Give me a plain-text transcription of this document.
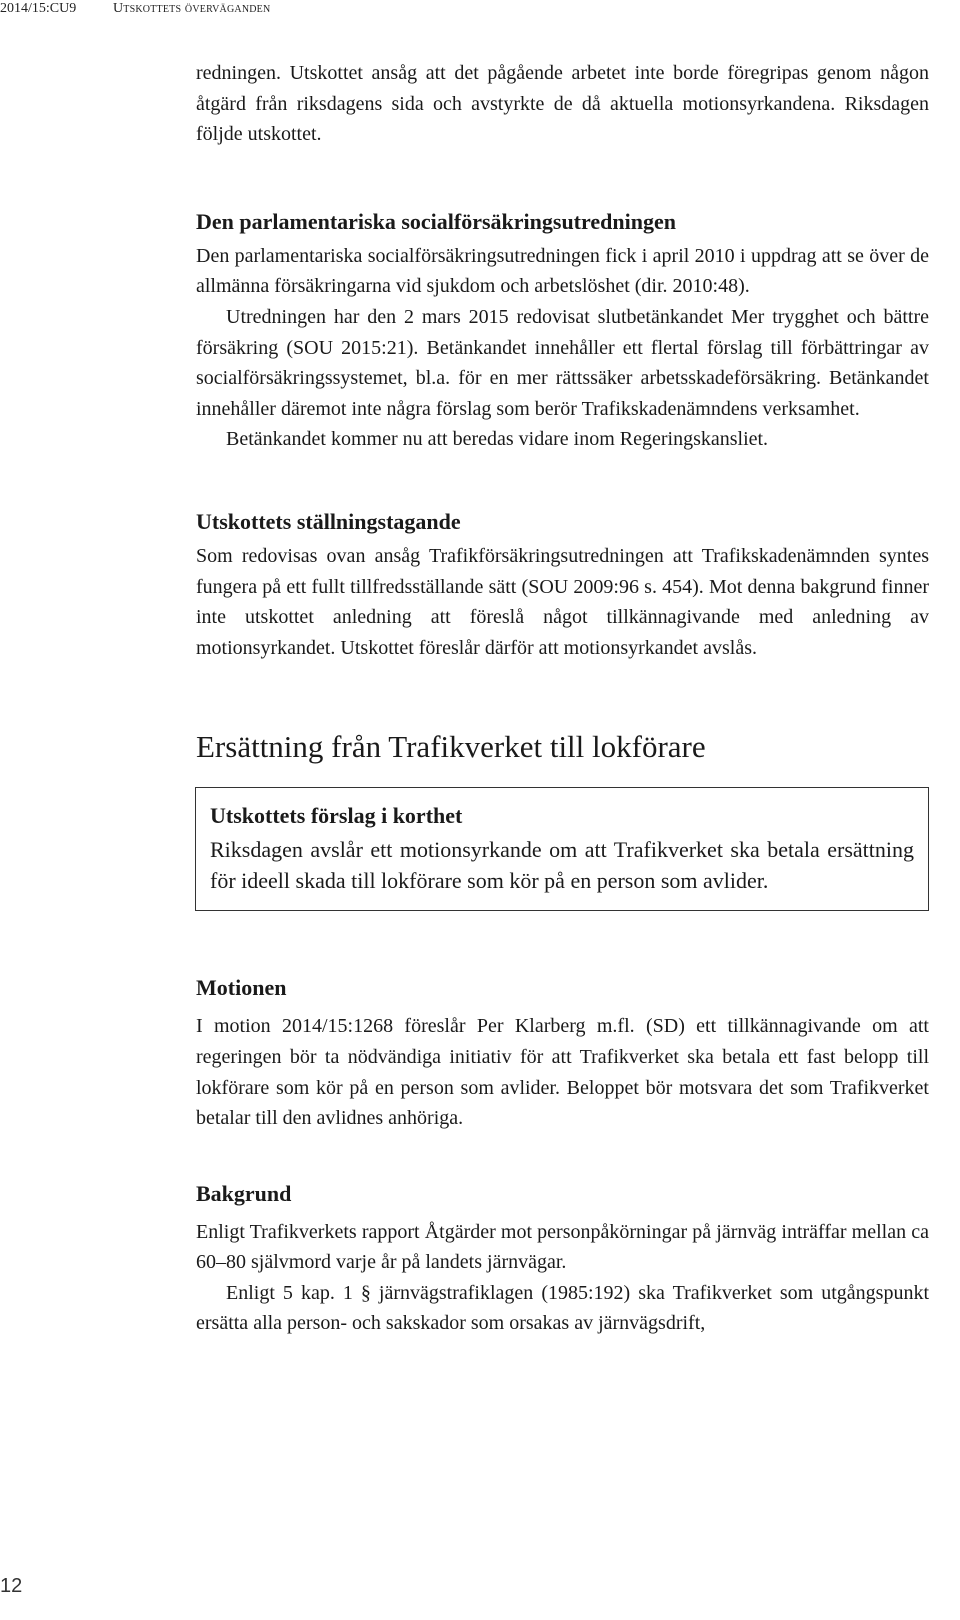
2014/15:CU9	Utskottets överväganden

redningen. Utskottet ansåg att det pågående arbetet inte borde föregripas genom någon åtgärd från riksdagens sida och avstyrkte de då aktuella motionsyrkandena. Riksdagen följde utskottet.

Den parlamentariska socialförsäkringsutredningen

Den parlamentariska socialförsäkringsutredningen fick i april 2010 i uppdrag att se över de allmänna försäkringarna vid sjukdom och arbetslöshet (dir. 2010:48).

Utredningen har den 2 mars 2015 redovisat slutbetänkandet Mer trygghet och bättre försäkring (SOU 2015:21). Betänkandet innehåller ett flertal förslag till förbättringar av socialförsäkringssystemet, bl.a. för en mer rättssäker arbetsskadeförsäkring. Betänkandet innehåller däremot inte några förslag som berör Trafikskadenämndens verksamhet.

Betänkandet kommer nu att beredas vidare inom Regeringskansliet.

Utskottets ställningstagande

Som redovisas ovan ansåg Trafikförsäkringsutredningen att Trafikskadenämnden syntes fungera på ett fullt tillfredsställande sätt (SOU 2009:96 s. 454). Mot denna bakgrund finner inte utskottet anledning att föreslå något tillkännagivande med anledning av motionsyrkandet. Utskottet föreslår därför att motionsyrkandet avslås.

Ersättning från Trafikverket till lokförare
Utskottets förslag i korthet

Riksdagen avslår ett motionsyrkande om att Trafikverket ska betala ersättning för ideell skada till lokförare som kör på en person som avlider.

Motionen

I motion 2014/15:1268 föreslår Per Klarberg m.fl. (SD) ett tillkännagivande om att regeringen bör ta nödvändiga initiativ för att Trafikverket ska betala ett fast belopp till lokförare som kör på en person som avlider. Beloppet bör motsvara det som Trafikverket betalar till den avlidnes anhöriga.

Bakgrund

Enligt Trafikverkets rapport Åtgärder mot personpåkörningar på järnväg inträffar mellan ca 60–80 självmord varje år på landets järnvägar.

Enligt 5 kap. 1 § järnvägstrafiklagen (1985:192) ska Trafikverket som utgångspunkt ersätta alla person- och sakskador som orsakas av järnvägsdrift,

12
